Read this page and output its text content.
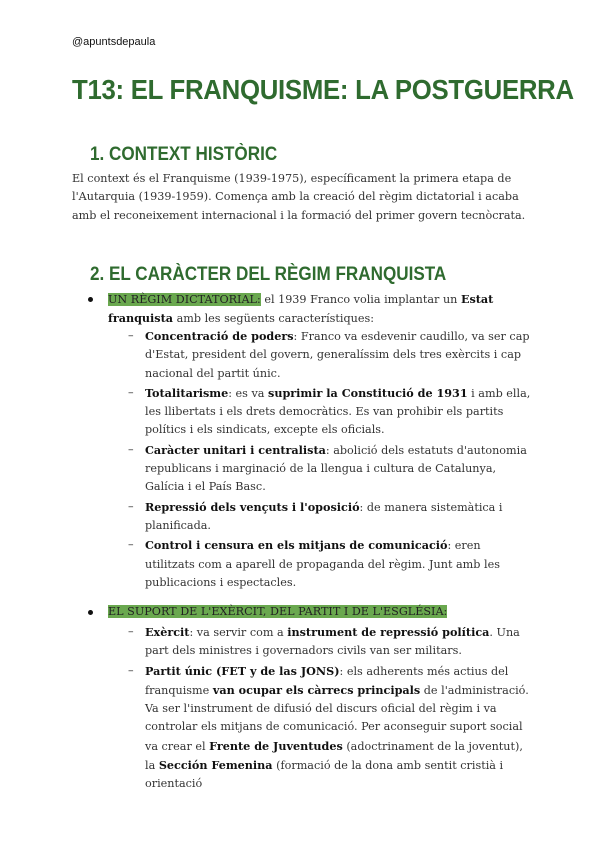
@apuntsdepaula
T13: EL FRANQUISME: LA POSTGUERRA
1. CONTEXT HISTÒRIC

El context és el Franquisme (1939-1975), específicament la primera etapa de l'Autarquia (1939-1959). Comença amb la creació del règim dictatorial i acaba amb el reconeixement internacional i la formació del primer govern tecnòcrata.

2. EL CARÀCTER DEL RÈGIM FRANQUISTA
UN RÈGIM DICTATORIAL: el 1939 Franco volia implantar un Estat franquista amb les següents característiques:
– Concentració de poders: Franco va esdevenir caudillo, va ser cap d'Estat, president del govern, generalíssim dels tres exèrcits i cap nacional del partit únic.
– Totalitarisme: es va suprimir la Constitució de 1931 i amb ella, les llibertats i els drets democràtics. Es van prohibir els partits polítics i els sindicats, excepte els oficials.
– Caràcter unitari i centralista: abolició dels estatuts d'autonomia republicans i marginació de la llengua i cultura de Catalunya, Galícia i el País Basc.
– Repressió dels vençuts i l'oposició: de manera sistemàtica i planificada.
– Control i censura en els mitjans de comunicació: eren utilitzats com a aparell de propaganda del règim. Junt amb les publicacions i espectacles.
EL SUPORT DE L'EXÈRCIT, DEL PARTIT I DE L'ESGLÉSIA:
– Exèrcit: va servir com a instrument de repressió política. Una part dels ministres i governadors civils van ser militars.
– Partit únic (FET y de las JONS): els adherents més actius del franquisme van ocupar els càrrecs principals de l'administració. Va ser l'instrument de difusió del discurs oficial del règim i va controlar els mitjans de comunicació. Per aconseguir suport social va crear el Frente de Juventudes (adoctrinament de la joventut), la Sección Femenina (formació de la dona amb sentit cristià i orientació
